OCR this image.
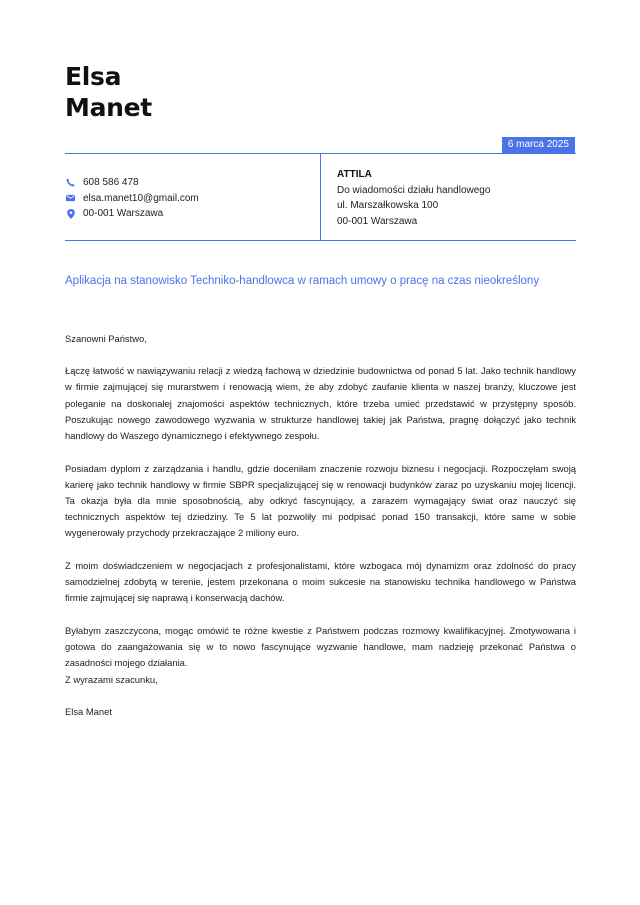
Elsa
Manet
6 marca 2025
608 586 478
elsa.manet10@gmail.com
00-001 Warszawa
ATTILA
Do wiadomości działu handlowego
ul. Marszałkowska 100
00-001 Warszawa
Aplikacja na stanowisko Techniko-handlowca w ramach umowy o pracę na czas nieokreślony

Szanowni Państwo,

Łączę łatwość w nawiązywaniu relacji z wiedzą fachową w dziedzinie budownictwa od ponad 5 lat. Jako technik handlowy w firmie zajmującej się murarstwem i renowacją wiem, że aby zdobyć zaufanie klienta w naszej branży, kluczowe jest poleganie na doskonałej znajomości aspektów technicznych, które trzeba umieć przedstawić w przystępny sposób. Poszukując nowego zawodowego wyzwania w strukturze handlowej takiej jak Państwa, pragnę dołączyć jako technik handlowy do Waszego dynamicznego i efektywnego zespołu.

Posiadam dyplom z zarządzania i handlu, gdzie doceniłam znaczenie rozwoju biznesu i negocjacji. Rozpoczęłam swoją karierę jako technik handlowy w firmie SBPR specjalizującej się w renowacji budynków zaraz po uzyskaniu mojej licencji. Ta okazja była dla mnie sposobnością, aby odkryć fascynujący, a zarazem wymagający świat oraz nauczyć się technicznych aspektów tej dziedziny. Te 5 lat pozwoliły mi podpisać ponad 150 transakcji, które same w sobie wygenerowały przychody przekraczające 2 miliony euro.

Z moim doświadczeniem w negocjacjach z profesjonalistami, które wzbogaca mój dynamizm oraz zdolność do pracy samodzielnej zdobytą w terenie, jestem przekonana o moim sukcesie na stanowisku technika handlowego w Państwa firmie zajmującej się naprawą i konserwacją dachów.

Byłabym zaszczycona, mogąc omówić te różne kwestie z Państwem podczas rozmowy kwalifikacyjnej. Zmotywowana i gotowa do zaangażowania się w to nowo fascynujące wyzwanie handlowe, mam nadzieję przekonać Państwa o zasadności mojego działania.

Z wyrazami szacunku,

Elsa Manet
